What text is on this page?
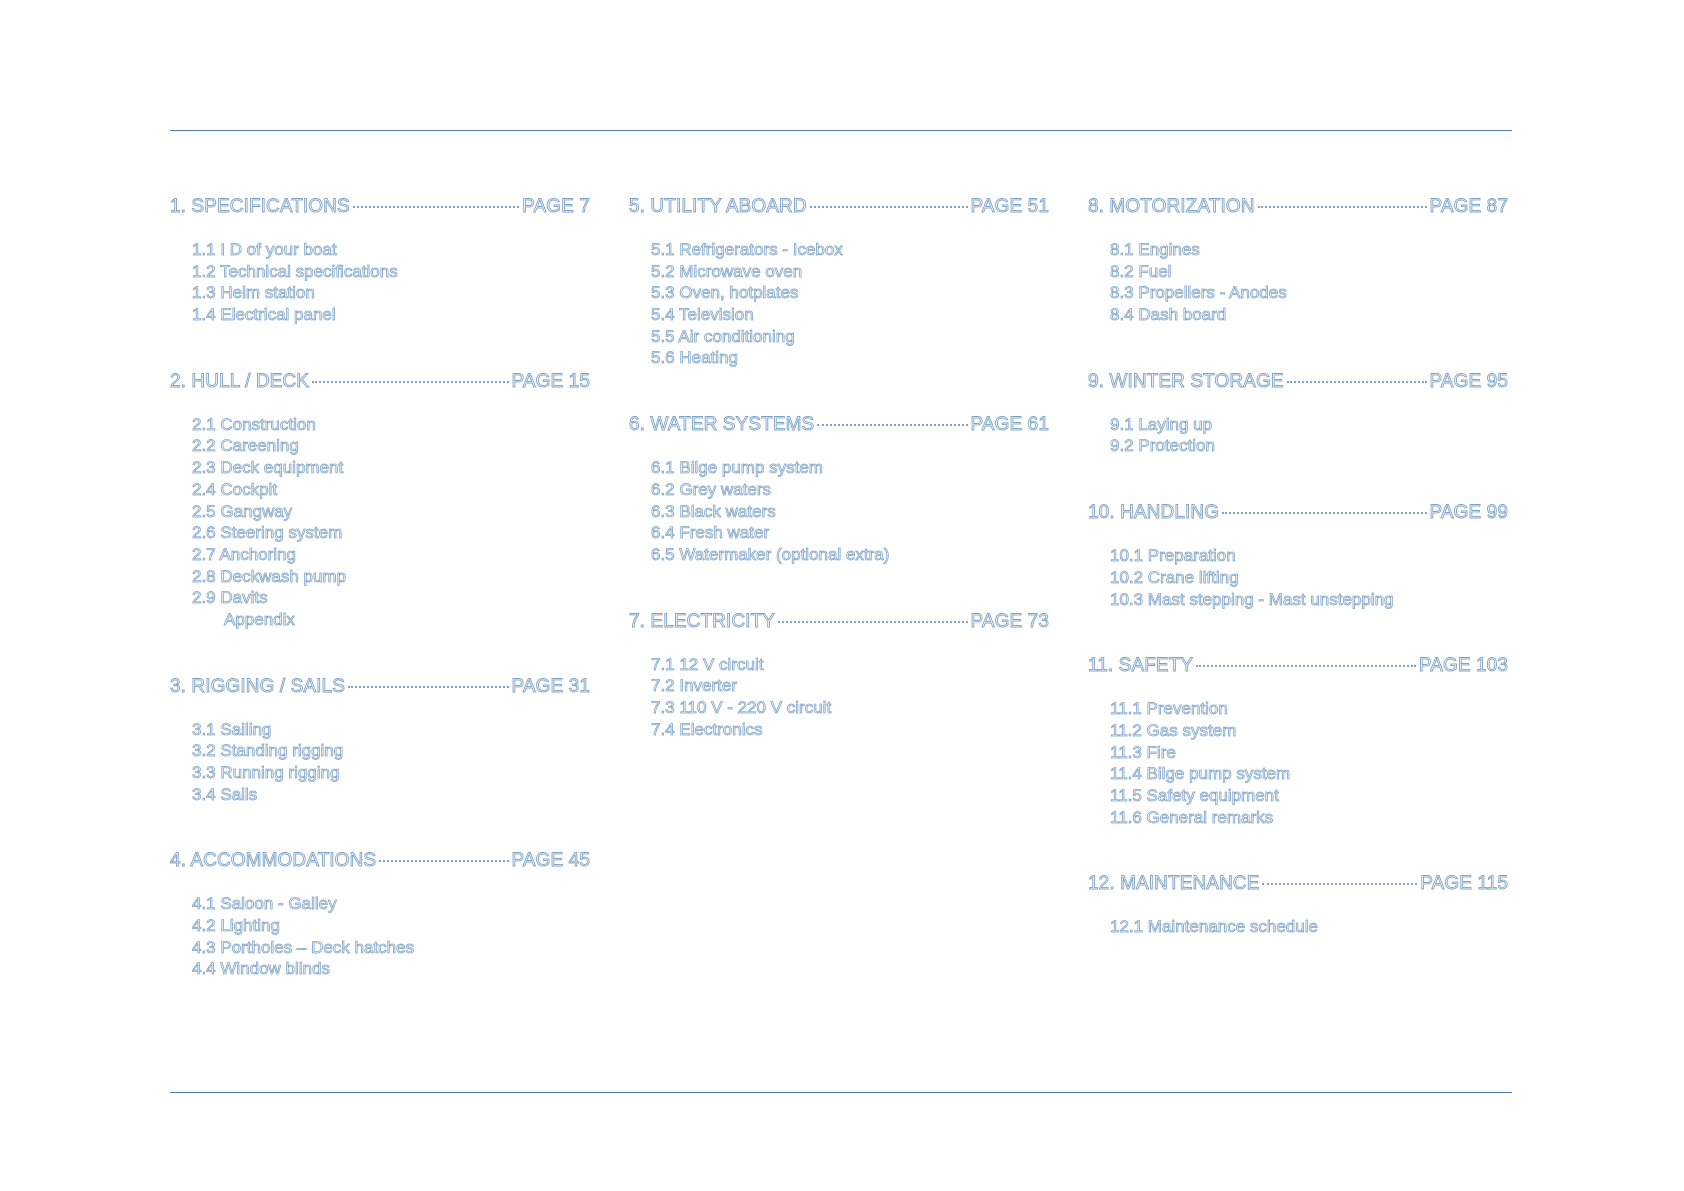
1. SPECIFICATIONS	PAGE 7
1.1 I D of your boat
1.2 Technical specifications
1.3 Helm station
1.4 Electrical panel
2. HULL / DECK	PAGE 15
2.1 Construction
2.2 Careening
2.3 Deck equipment
2.4 Cockpit
2.5 Gangway
2.6 Steering system
2.7 Anchoring
2.8 Deckwash pump
2.9 Davits
Appendix
3. RIGGING / SAILS	PAGE 31
3.1 Sailing
3.2 Standing rigging
3.3 Running rigging
3.4 Sails
4. ACCOMMODATIONS	PAGE 45
4.1 Saloon - Galley
4.2 Lighting
4.3 Portholes – Deck hatches
4.4 Window blinds
5. UTILITY ABOARD	PAGE 51
5.1 Refrigerators - Icebox
5.2 Microwave oven
5.3 Oven, hotplates
5.4 Television
5.5 Air conditioning
5.6 Heating
6. WATER SYSTEMS	PAGE 61
6.1 Bilge pump system
6.2 Grey waters
6.3 Black waters
6.4 Fresh water
6.5 Watermaker (optional extra)
7. ELECTRICITY	PAGE 73
7.1 12 V circuit
7.2 Inverter
7.3 110 V - 220 V circuit
7.4 Electronics
8. MOTORIZATION	PAGE 87
8.1 Engines
8.2 Fuel
8.3 Propellers - Anodes
8.4 Dash board
9. WINTER STORAGE	PAGE 95
9.1 Laying up
9.2 Protection
10. HANDLING	PAGE 99
10.1 Preparation
10.2 Crane lifting
10.3 Mast stepping - Mast unstepping
11. SAFETY	PAGE 103
11.1 Prevention
11.2 Gas system
11.3 Fire
11.4 Bilge pump system
11.5 Safety equipment
11.6 General remarks
12. MAINTENANCE	PAGE 115
12.1 Maintenance schedule
